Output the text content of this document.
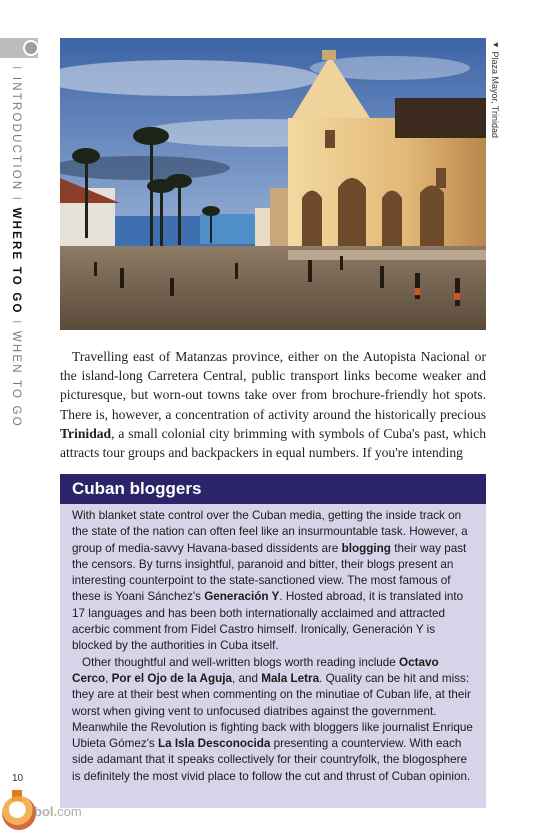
I INTRODUCTION I WHERE TO GO I WHEN TO GO
◄ Plaza Mayor, Trinidad

Travelling east of Matanzas province, either on the Autopista Nacional or the island-long Carretera Central, public transport links become weaker and picturesque, but worn-out towns take over from brochure-friendly hot spots. There is, however, a concentration of activity around the historically precious Trinidad, a small colonial city brimming with symbols of Cuba's past, which attracts tour groups and backpackers in equal numbers. If you're intending

Cuban bloggers

With blanket state control over the Cuban media, getting the inside track on the state of the nation can often feel like an insurmountable task. However, a group of media-savvy Havana-based dissidents are blogging their way past the censors. By turns insightful, paranoid and bitter, their blogs present an interesting counterpoint to the state-sanctioned view. The most famous of these is Yoani Sánchez's Generación Y. Hosted abroad, it is translated into 17 languages and has been both internationally acclaimed and attracted acerbic comment from Fidel Castro himself. Ironically, Generación Y is blocked by the authorities in Cuba itself.

Other thoughtful and well-written blogs worth reading include Octavo Cerco, Por el Ojo de la Aguja, and Mala Letra. Quality can be hit and miss: they are at their best when commenting on the minutiae of Cuban life, at their worst when giving vent to unfocused diatribes against the government. Meanwhile the Revolution is fighting back with bloggers like journalist Enrique Ubieta Gómez's La Isla Desconocida presenting a counterview. With each side adamant that it speaks collectively for their countryfolk, the blogosphere is definitely the most vivid place to follow the cut and thrust of Cuban opinion.

10
bol.com
